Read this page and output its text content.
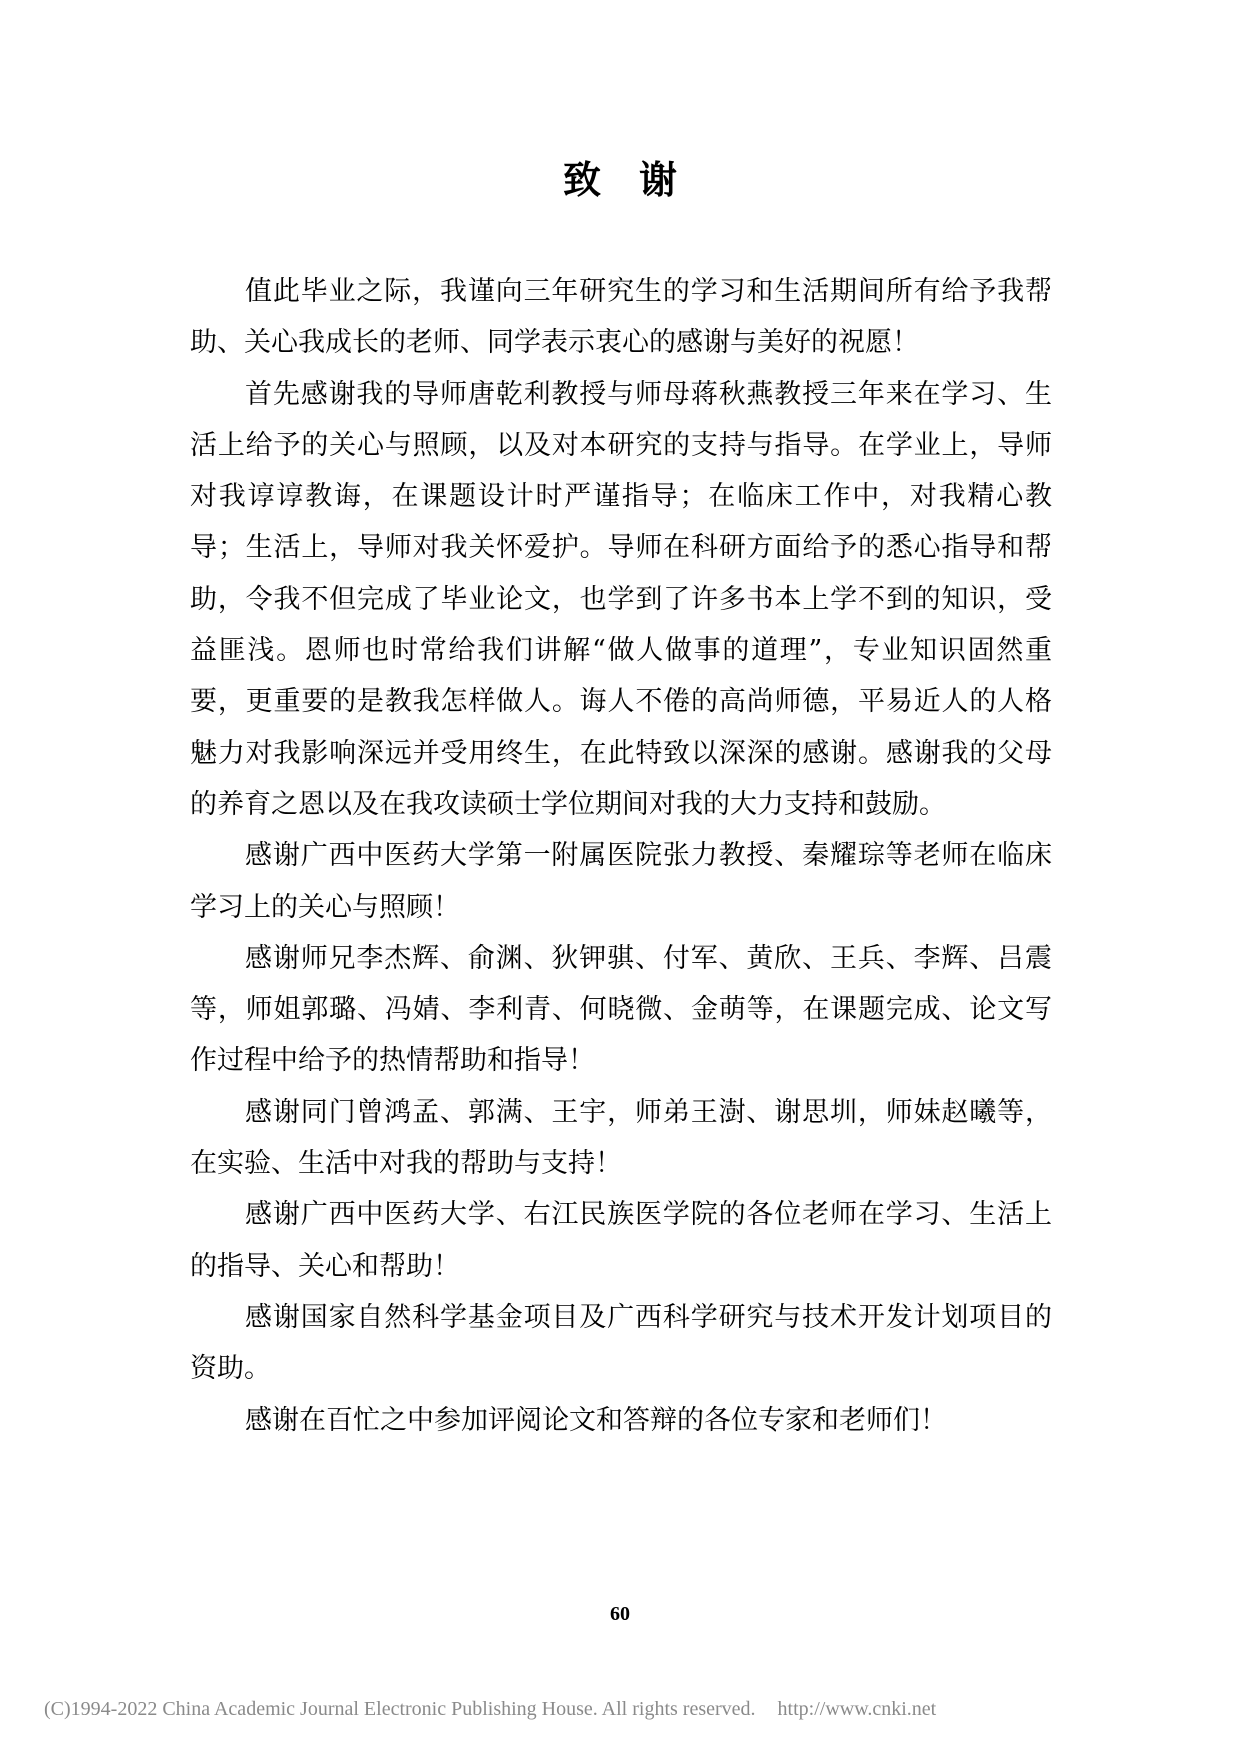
致谢

值此毕业之际，我谨向三年研究生的学习和生活期间所有给予我帮助、关心我成长的老师、同学表示衷心的感谢与美好的祝愿！

首先感谢我的导师唐乾利教授与师母蒋秋燕教授三年来在学习、生活上给予的关心与照顾，以及对本研究的支持与指导。在学业上，导师对我谆谆教诲，在课题设计时严谨指导；在临床工作中，对我精心教导；生活上，导师对我关怀爱护。导师在科研方面给予的悉心指导和帮助，令我不但完成了毕业论文，也学到了许多书本上学不到的知识，受益匪浅。恩师也时常给我们讲解“做人做事的道理”，专业知识固然重要，更重要的是教我怎样做人。诲人不倦的高尚师德，平易近人的人格魅力对我影响深远并受用终生，在此特致以深深的感谢。感谢我的父母的养育之恩以及在我攻读硕士学位期间对我的大力支持和鼓励。

感谢广西中医药大学第一附属医院张力教授、秦耀琮等老师在临床学习上的关心与照顾！

感谢师兄李杰辉、俞渊、狄钾骐、付军、黄欣、王兵、李辉、吕震等，师姐郭璐、冯婧、李利青、何晓微、金萌等，在课题完成、论文写作过程中给予的热情帮助和指导！

感谢同门曾鸿孟、郭满、王宇，师弟王澍、谢思圳，师妹赵曦等，在实验、生活中对我的帮助与支持！

感谢广西中医药大学、右江民族医学院的各位老师在学习、生活上的指导、关心和帮助！

感谢国家自然科学基金项目及广西科学研究与技术开发计划项目的资助。

感谢在百忙之中参加评阅论文和答辩的各位专家和老师们！

60
(C)1994-2022 China Academic Journal Electronic Publishing House. All rights reserved. http://www.cnki.net
